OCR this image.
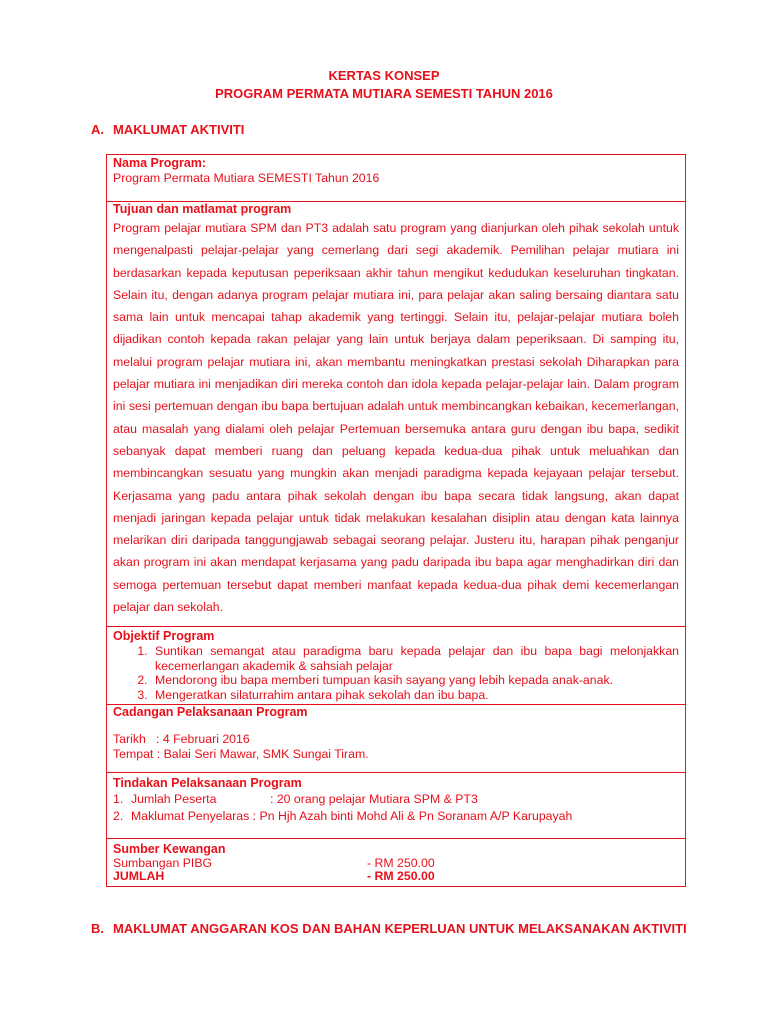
KERTAS KONSEP
PROGRAM PERMATA MUTIARA SEMESTI TAHUN 2016
A. MAKLUMAT AKTIVITI
Nama Program:
Program Permata Mutiara SEMESTI Tahun 2016

Tujuan dan matlamat program

Program pelajar mutiara SPM dan PT3 adalah satu program yang dianjurkan oleh pihak sekolah untuk mengenalpasti pelajar-pelajar yang cemerlang dari segi akademik. Pemilihan pelajar mutiara ini berdasarkan kepada keputusan peperiksaan akhir tahun mengikut kedudukan keseluruhan tingkatan. Selain itu, dengan adanya program pelajar mutiara ini, para pelajar akan saling bersaing diantara satu sama lain untuk mencapai tahap akademik yang tertinggi. Selain itu, pelajar-pelajar mutiara boleh dijadikan contoh kepada rakan pelajar yang lain untuk berjaya dalam peperiksaan. Di samping itu, melalui program pelajar mutiara ini, akan membantu meningkatkan prestasi sekolah Diharapkan para pelajar mutiara ini menjadikan diri mereka contoh dan idola kepada pelajar-pelajar lain. Dalam program ini sesi pertemuan dengan ibu bapa bertujuan adalah untuk membincangkan kebaikan, kecemerlangan, atau masalah yang dialami oleh pelajar Pertemuan bersemuka antara guru dengan ibu bapa, sedikit sebanyak dapat memberi ruang dan peluang kepada kedua-dua pihak untuk meluahkan dan membincangkan sesuatu yang mungkin akan menjadi paradigma kepada kejayaan pelajar tersebut. Kerjasama yang padu antara pihak sekolah dengan ibu bapa secara tidak langsung, akan dapat menjadi jaringan kepada pelajar untuk tidak melakukan kesalahan disiplin atau dengan kata lainnya melarikan diri daripada tanggungjawab sebagai seorang pelajar. Justeru itu, harapan pihak penganjur akan program ini akan mendapat kerjasama yang padu daripada ibu bapa agar menghadirkan diri dan semoga pertemuan tersebut dapat memberi manfaat kepada kedua-dua pihak demi kecemerlangan pelajar dan sekolah.

Objektif Program
1. Suntikan semangat atau paradigma baru kepada pelajar dan ibu bapa bagi melonjakkan kecemerlangan akademik & sahsiah pelajar
2. Mendorong ibu bapa memberi tumpuan kasih sayang yang lebih kepada anak-anak.
3. Mengeratkan silaturrahim antara pihak sekolah dan ibu bapa.

Cadangan Pelaksanaan Program
Tarikh   : 4 Februari 2016
Tempat : Balai Seri Mawar, SMK Sungai Tiram.

Tindakan Pelaksanaan Program
1. Jumlah Peserta	: 20 orang pelajar Mutiara SPM & PT3
2. Maklumat Penyelaras : Pn Hjh Azah binti Mohd Ali & Pn Soranam A/P Karupayah

Sumber Kewangan
Sumbangan PIBG	- RM 250.00
JUMLAH	- RM 250.00
B. MAKLUMAT ANGGARAN KOS DAN BAHAN KEPERLUAN UNTUK MELAKSANAKAN AKTIVITI
